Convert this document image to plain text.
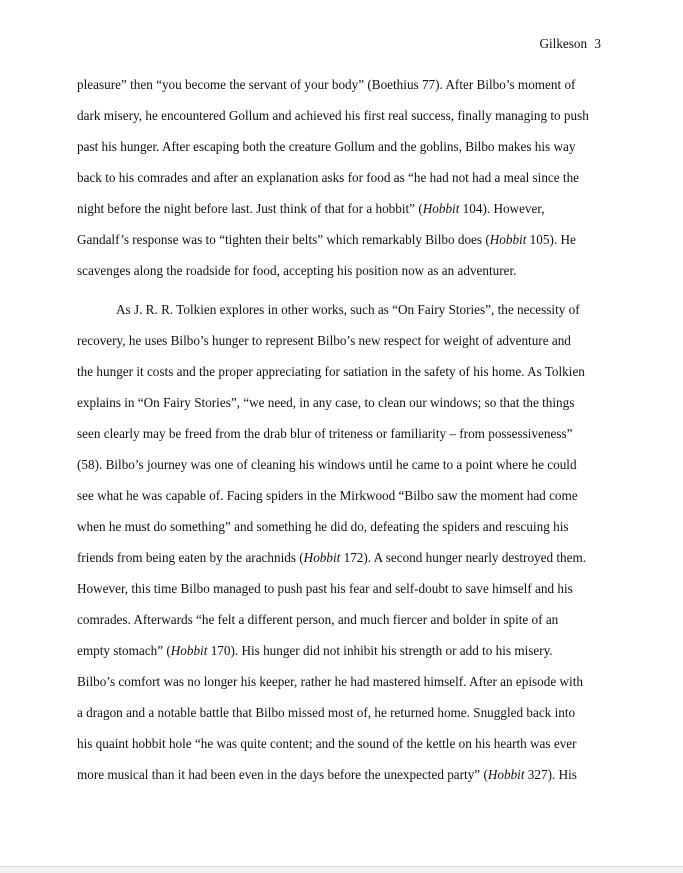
Gilkeson 3
pleasure” then “you become the servant of your body” (Boethius 77). After Bilbo’s moment of
dark misery, he encountered Gollum and achieved his first real success, finally managing to push
past his hunger. After escaping both the creature Gollum and the goblins, Bilbo makes his way
back to his comrades and after an explanation asks for food as “he had not had a meal since the
night before the night before last. Just think of that for a hobbit” (Hobbit 104). However,
Gandalf’s response was to “tighten their belts” which remarkably Bilbo does (Hobbit 105). He
scavenges along the roadside for food, accepting his position now as an adventurer.
As J. R. R. Tolkien explores in other works, such as “On Fairy Stories”, the necessity of
recovery, he uses Bilbo’s hunger to represent Bilbo’s new respect for weight of adventure and
the hunger it costs and the proper appreciating for satiation in the safety of his home. As Tolkien
explains in “On Fairy Stories”, “we need, in any case, to clean our windows; so that the things
seen clearly may be freed from the drab blur of triteness or familiarity – from possessiveness”
(58). Bilbo’s journey was one of cleaning his windows until he came to a point where he could
see what he was capable of. Facing spiders in the Mirkwood “Bilbo saw the moment had come
when he must do something” and something he did do, defeating the spiders and rescuing his
friends from being eaten by the arachnids (Hobbit 172). A second hunger nearly destroyed them.
However, this time Bilbo managed to push past his fear and self-doubt to save himself and his
comrades. Afterwards “he felt a different person, and much fiercer and bolder in spite of an
empty stomach” (Hobbit 170). His hunger did not inhibit his strength or add to his misery.
Bilbo’s comfort was no longer his keeper, rather he had mastered himself. After an episode with
a dragon and a notable battle that Bilbo missed most of, he returned home. Snuggled back into
his quaint hobbit hole “he was quite content; and the sound of the kettle on his hearth was ever
more musical than it had been even in the days before the unexpected party” (Hobbit 327). His
